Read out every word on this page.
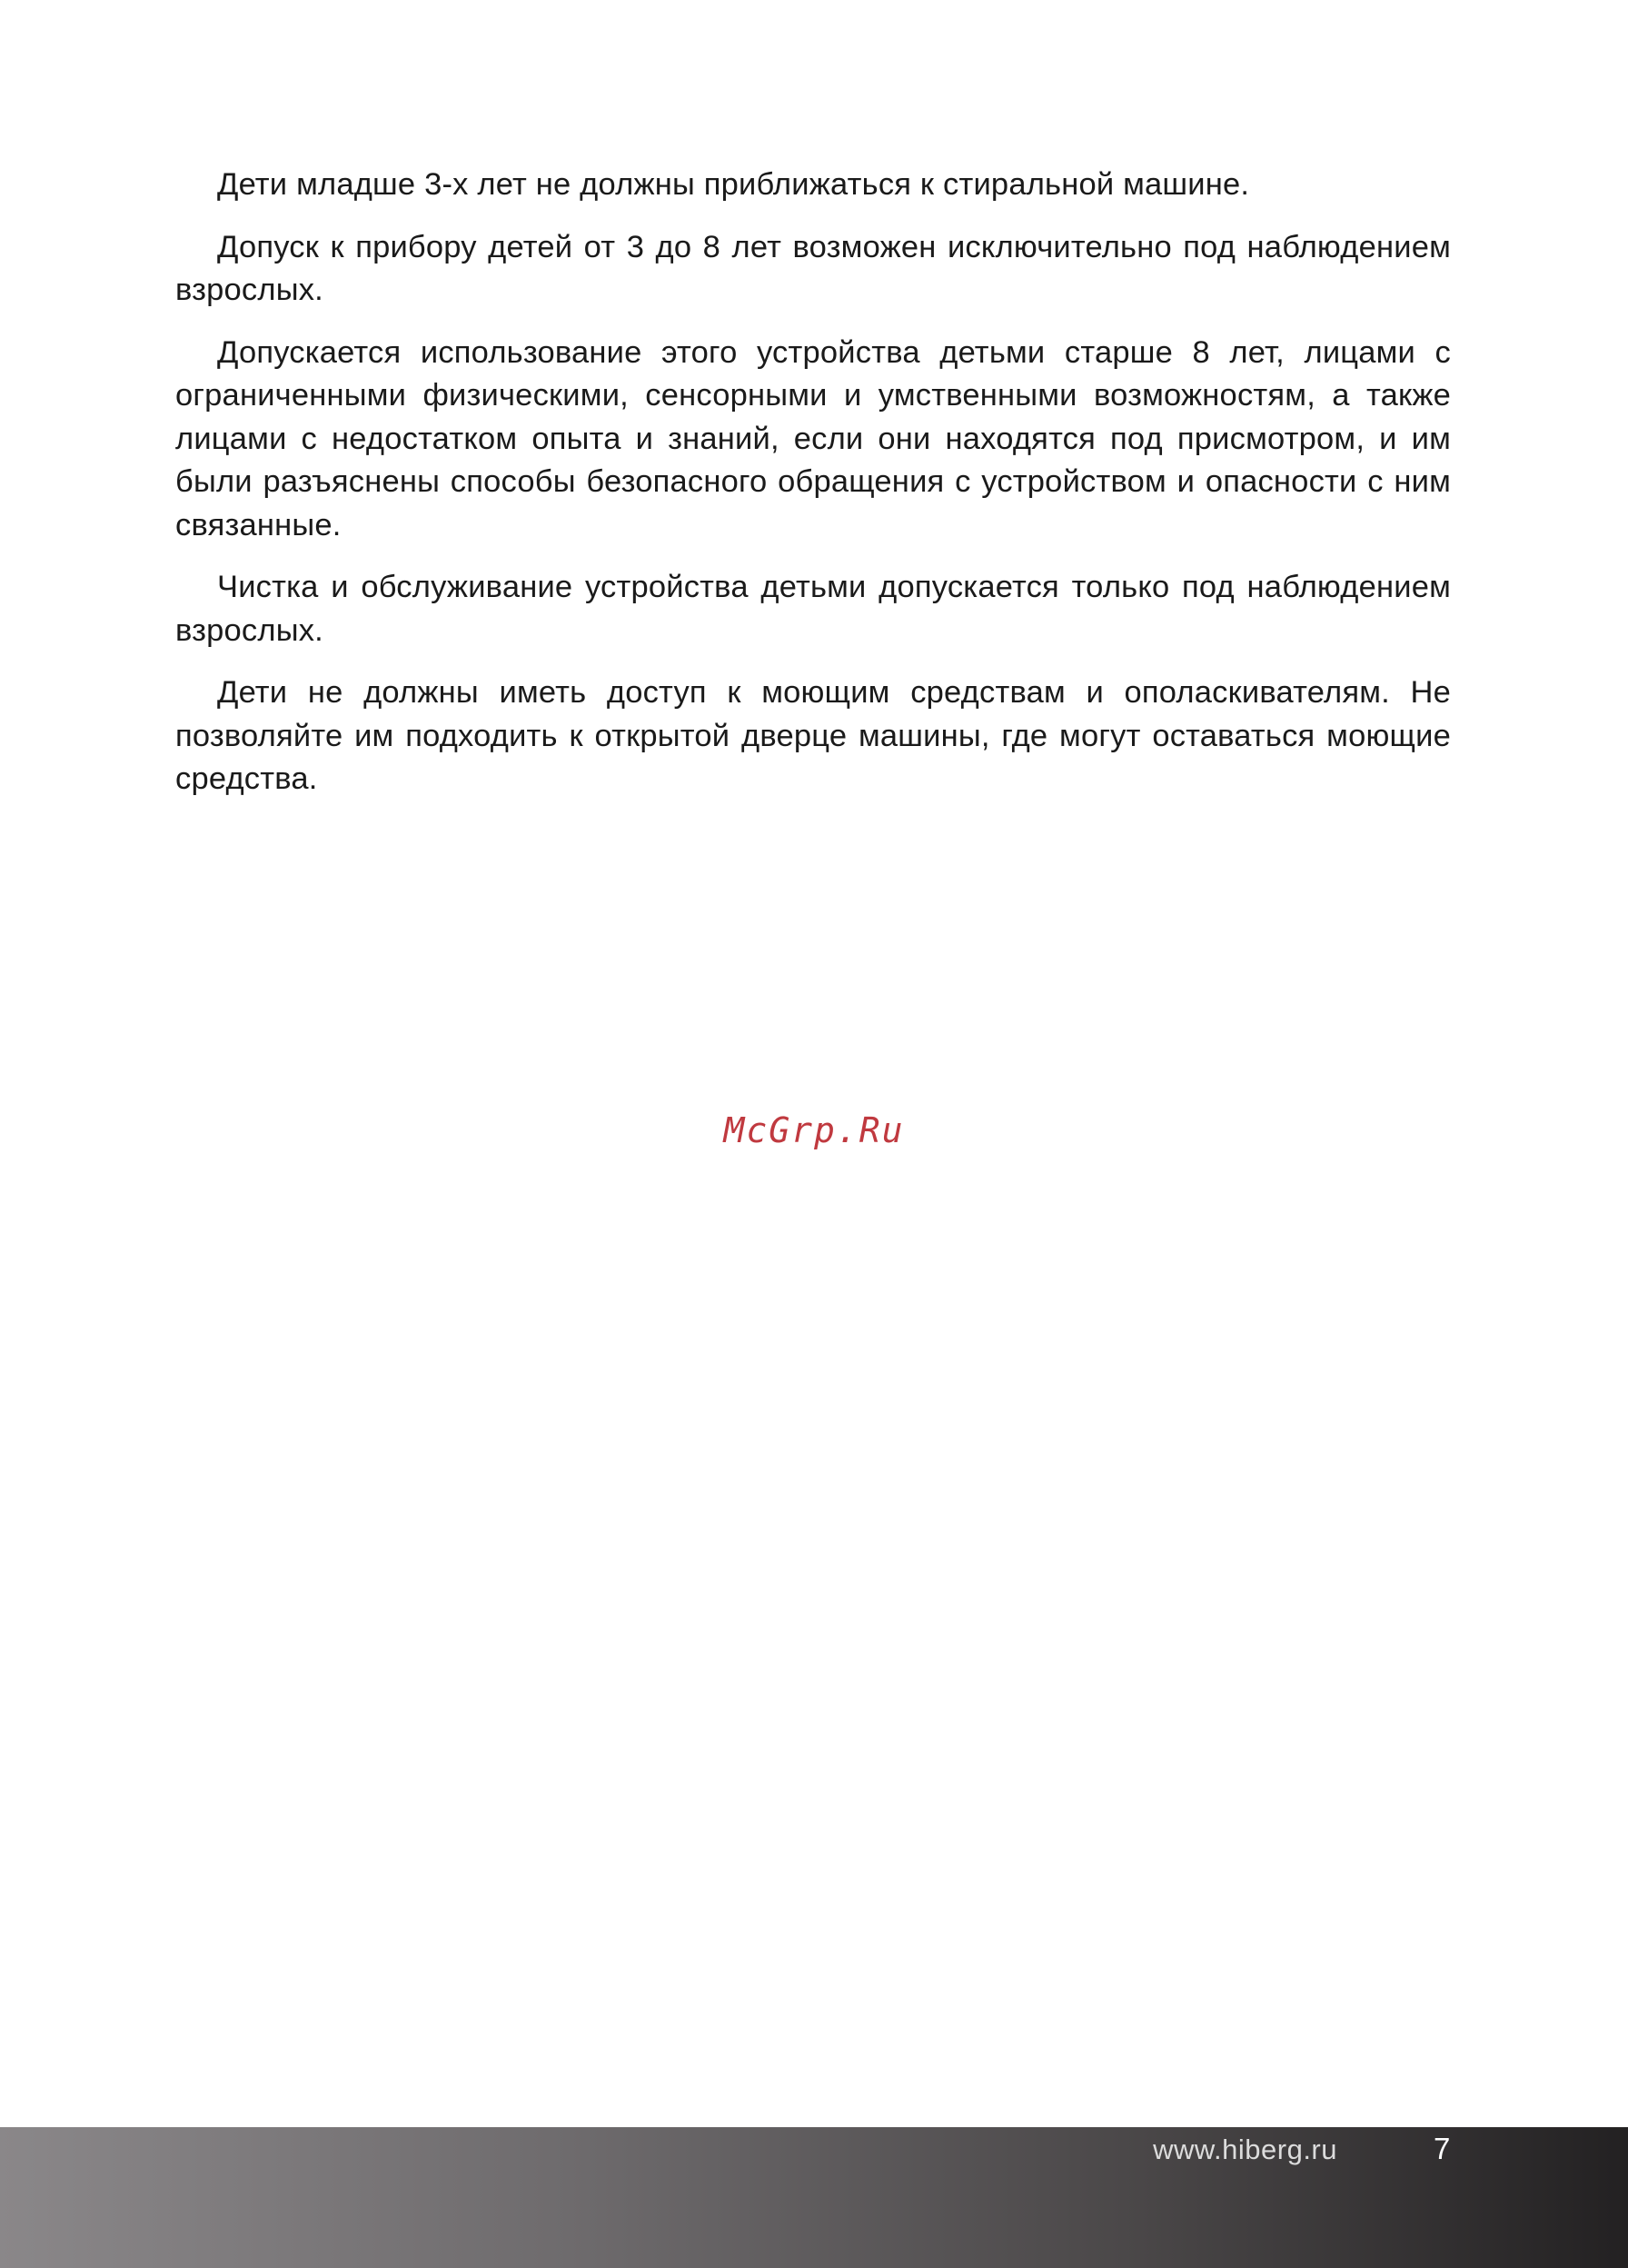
Дети младше 3-х лет не должны приближаться к стиральной машине.

Допуск к прибору детей от 3 до 8 лет возможен исключительно под наблюдением взрослых.

Допускается использование этого устройства детьми старше 8 лет, лицами с ограниченными физическими, сенсорными и умственными возможностям, а также лицами с недостатком опыта и знаний, если они находятся под присмотром, и им были разъяснены способы безопасного обращения с устройством и опасности с ним связанные.

Чистка и обслуживание устройства детьми допускается только под наблюдением взрослых.

Дети не должны иметь доступ к моющим средствам и ополаскивателям. Не позволяйте им подходить к открытой дверце машины, где могут оставаться моющие средства.

McGrp.Ru
www.hiberg.ru	7
